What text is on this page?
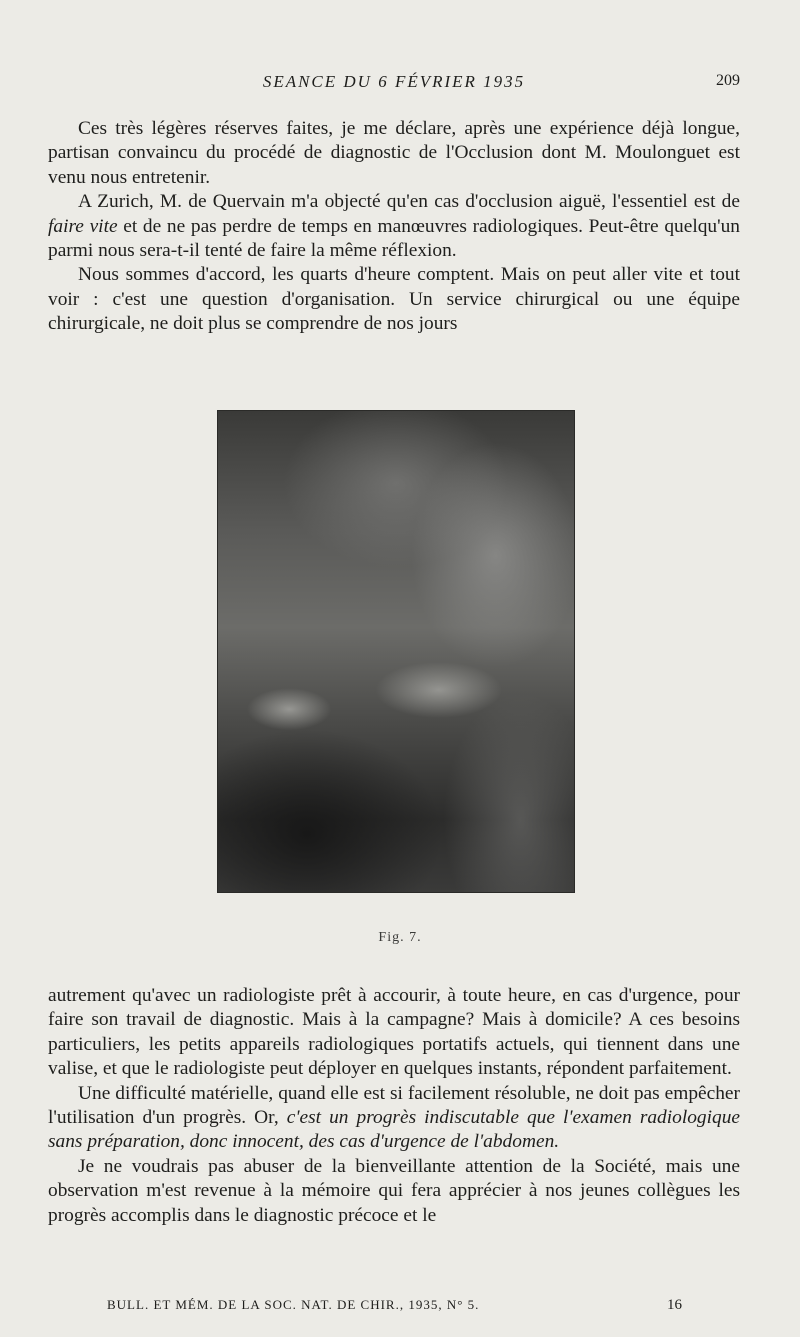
SEANCE DU 6 FÉVRIER 1935	209

Ces très légères réserves faites, je me déclare, après une expérience déjà longue, partisan convaincu du procédé de diagnostic de l'Occlusion dont M. Moulonguet est venu nous entretenir.

A Zurich, M. de Quervain m'a objecté qu'en cas d'occlusion aiguë, l'essentiel est de faire vite et de ne pas perdre de temps en manœuvres radiologiques. Peut-être quelqu'un parmi nous sera-t-il tenté de faire la même réflexion.

Nous sommes d'accord, les quarts d'heure comptent. Mais on peut aller vite et tout voir : c'est une question d'organisation. Un service chirurgical ou une équipe chirurgicale, ne doit plus se comprendre de nos jours

Fig. 7.

autrement qu'avec un radiologiste prêt à accourir, à toute heure, en cas d'urgence, pour faire son travail de diagnostic. Mais à la campagne? Mais à domicile? A ces besoins particuliers, les petits appareils radiologiques portatifs actuels, qui tiennent dans une valise, et que le radiologiste peut déployer en quelques instants, répondent parfaitement.

Une difficulté matérielle, quand elle est si facilement résoluble, ne doit pas empêcher l'utilisation d'un progrès. Or, c'est un progrès indiscutable que l'examen radiologique sans préparation, donc innocent, des cas d'urgence de l'abdomen.

Je ne voudrais pas abuser de la bienveillante attention de la Société, mais une observation m'est revenue à la mémoire qui fera apprécier à nos jeunes collègues les progrès accomplis dans le diagnostic précoce et le

BULL. ET MÉM. DE LA SOC. NAT. DE CHIR., 1935, N° 5.	16
